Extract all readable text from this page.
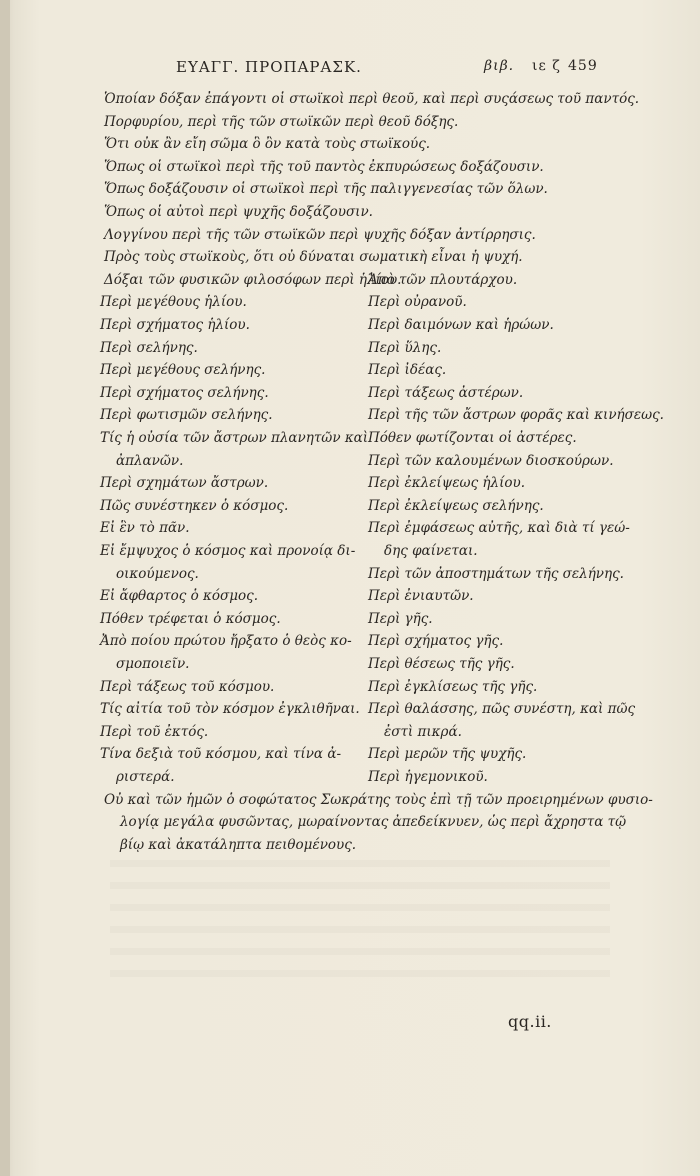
ΕΥΑΓΓ. ΠΡΟΠΑΡΑΣΚ.	βιβ. ιε ζ 459
Ὁποίαν δόξαν ἐπάγοντι οἱ στωϊκοὶ περὶ θεοῦ, καὶ περὶ συςάσεως τοῦ παντός.
Πορφυρίου, περὶ τῆς τῶν στωϊκῶν περὶ θεοῦ δόξης.
Ὅτι οὐκ ἂν εἴη σῶμα ὃ ὂν κατὰ τοὺς στωϊκούς.
Ὅπως οἱ στωϊκοὶ περὶ τῆς τοῦ παντὸς ἐκπυρώσεως δοξάζουσιν.
Ὅπως δοξάζουσιν οἱ στωϊκοὶ περὶ τῆς παλιγγενεσίας τῶν ὅλων.
Ὅπως οἱ αὐτοὶ περὶ ψυχῆς δοξάζουσιν.
Λογγίνου περὶ τῆς τῶν στωϊκῶν περὶ ψυχῆς δόξαν ἀντίρρησις.
Πρὸς τοὺς στωϊκοὺς, ὅτι οὐ δύναται σωματικὴ εἶναι ἡ ψυχή.
Δόξαι τῶν φυσικῶν φιλοσόφων περὶ ἡλίου.
Ἀπὸ τῶν πλουτάρχου.
Περὶ οὐρανοῦ.
Περὶ δαιμόνων καὶ ἡρώων.
Περὶ ὕλης.
Περὶ ἰδέας.
Περὶ τάξεως ἀστέρων.
Περὶ τῆς τῶν ἄστρων φορᾶς καὶ κινήσεως.
Πόθεν φωτίζονται οἱ ἀστέρες.
Περὶ τῶν καλουμένων διοσκούρων.
Περὶ ἐκλείψεως ἡλίου.
Περὶ ἐκλείψεως σελήνης.
Περὶ ἐμφάσεως αὐτῆς, καὶ διὰ τί γεώ-
δης φαίνεται.
Περὶ τῶν ἀποστημάτων τῆς σελήνης.
Περὶ ἐνιαυτῶν.
Περὶ γῆς.
Περὶ σχήματος γῆς.
Περὶ θέσεως τῆς γῆς.
Περὶ ἐγκλίσεως τῆς γῆς.
Περὶ θαλάσσης, πῶς συνέστη, καὶ πῶς
ἐστὶ πικρά.
Περὶ μερῶν τῆς ψυχῆς.
Περὶ ἡγεμονικοῦ.
Περὶ μεγέθους ἡλίου.
Περὶ σχήματος ἡλίου.
Περὶ σελήνης.
Περὶ μεγέθους σελήνης.
Περὶ σχήματος σελήνης.
Περὶ φωτισμῶν σελήνης.
Τίς ἡ οὐσία τῶν ἄστρων πλανητῶν καὶ
ἀπλανῶν.
Περὶ σχημάτων ἄστρων.
Πῶς συνέστηκεν ὁ κόσμος.
Εἰ ἓν τὸ πᾶν.
Εἰ ἔμψυχος ὁ κόσμος καὶ προνοίᾳ δι-
οικούμενος.
Εἰ ἄφθαρτος ὁ κόσμος.
Πόθεν τρέφεται ὁ κόσμος.
Ἀπὸ ποίου πρώτου ἤρξατο ὁ θεὸς κο-
σμοποιεῖν.
Περὶ τάξεως τοῦ κόσμου.
Τίς αἰτία τοῦ τὸν κόσμον ἐγκλιθῆναι.
Περὶ τοῦ ἐκτός.
Τίνα δεξιὰ τοῦ κόσμου, καὶ τίνα ἀ-
ριστερά.
Οὐ καὶ τῶν ἡμῶν ὁ σοφώτατος Σωκράτης τοὺς ἐπὶ τῇ τῶν προειρημένων φυσιο-
λογίᾳ μεγάλα φυσῶντας, μωραίνοντας ἀπεδείκνυεν, ὡς περὶ ἄχρηστα τῷ
βίῳ καὶ ἀκατάληπτα πειθομένους.
qq.ii.
